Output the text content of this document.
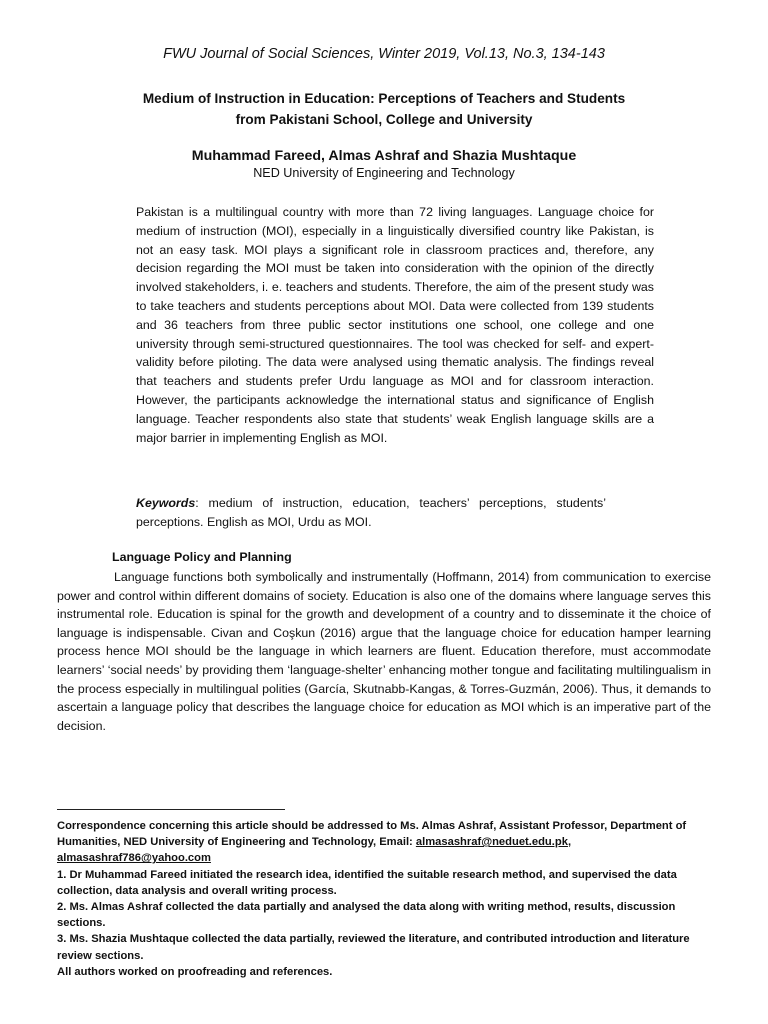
FWU Journal of Social Sciences, Winter 2019, Vol.13, No.3, 134-143
Medium of Instruction in Education: Perceptions of Teachers and Students
from Pakistani School, College and University
Muhammad Fareed, Almas Ashraf and Shazia Mushtaque
NED University of Engineering and Technology

Pakistan is a multilingual country with more than 72 living languages. Language choice for medium of instruction (MOI), especially in a linguistically diversified country like Pakistan, is not an easy task. MOI plays a significant role in classroom practices and, therefore, any decision regarding the MOI must be taken into consideration with the opinion of the directly involved stakeholders, i. e. teachers and students. Therefore, the aim of the present study was to take teachers and students perceptions about MOI. Data were collected from 139 students and 36 teachers from three public sector institutions one school, one college and one university through semi-structured questionnaires. The tool was checked for self- and expert- validity before piloting. The data were analysed using thematic analysis. The findings reveal that teachers and students prefer Urdu language as MOI and for classroom interaction. However, the participants acknowledge the international status and significance of English language. Teacher respondents also state that students’ weak English language skills are a major barrier in implementing English as MOI.

Keywords: medium of instruction, education, teachers’ perceptions, students’ perceptions. English as MOI, Urdu as MOI.

Language Policy and Planning

Language functions both symbolically and instrumentally (Hoffmann, 2014) from communication to exercise power and control within different domains of society. Education is also one of the domains where language serves this instrumental role. Education is spinal for the growth and development of a country and to disseminate it the choice of language is indispensable. Civan and Coşkun (2016) argue that the language choice for education hamper learning process hence MOI should be the language in which learners are fluent. Education therefore, must accommodate learners’ ‘social needs’ by providing them ‘language-shelter’ enhancing mother tongue and facilitating multilingualism in the process especially in multilingual polities (García, Skutnabb-Kangas, & Torres-Guzmán, 2006). Thus, it demands to ascertain a language policy that describes the language choice for education as MOI which is an imperative part of the decision.

Correspondence concerning this article should be addressed to Ms. Almas Ashraf, Assistant Professor, Department of Humanities, NED University of Engineering and Technology, Email: almasashraf@neduet.edu.pk, almasashraf786@yahoo.com

1. Dr Muhammad Fareed initiated the research idea, identified the suitable research method, and supervised the data collection, data analysis and overall writing process.

2. Ms. Almas Ashraf collected the data partially and analysed the data along with writing method, results, discussion sections.

3. Ms. Shazia Mushtaque collected the data partially, reviewed the literature, and contributed introduction and literature review sections.

All authors worked on proofreading and references.
